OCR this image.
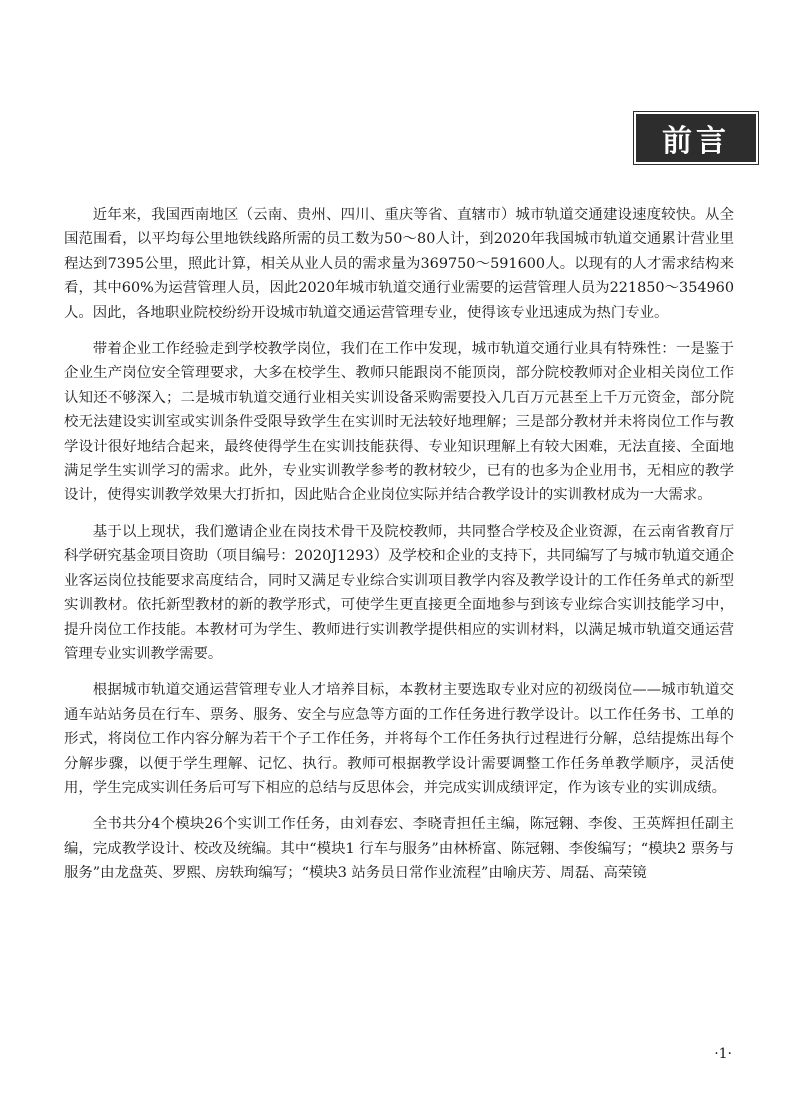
前言

近年来，我国西南地区（云南、贵州、四川、重庆等省、直辖市）城市轨道交通建设速度较快。从全国范围看，以平均每公里地铁线路所需的员工数为50～80人计，到2020年我国城市轨道交通累计营业里程达到7395公里，照此计算，相关从业人员的需求量为369750～591600人。以现有的人才需求结构来看，其中60%为运营管理人员，因此2020年城市轨道交通行业需要的运营管理人员为221850～354960人。因此，各地职业院校纷纷开设城市轨道交通运营管理专业，使得该专业迅速成为热门专业。

带着企业工作经验走到学校教学岗位，我们在工作中发现，城市轨道交通行业具有特殊性：一是鉴于企业生产岗位安全管理要求，大多在校学生、教师只能跟岗不能顶岗，部分院校教师对企业相关岗位工作认知还不够深入；二是城市轨道交通行业相关实训设备采购需要投入几百万元甚至上千万元资金，部分院校无法建设实训室或实训条件受限导致学生在实训时无法较好地理解；三是部分教材并未将岗位工作与教学设计很好地结合起来，最终使得学生在实训技能获得、专业知识理解上有较大困难，无法直接、全面地满足学生实训学习的需求。此外，专业实训教学参考的教材较少，已有的也多为企业用书，无相应的教学设计，使得实训教学效果大打折扣，因此贴合企业岗位实际并结合教学设计的实训教材成为一大需求。

基于以上现状，我们邀请企业在岗技术骨干及院校教师，共同整合学校及企业资源，在云南省教育厅科学研究基金项目资助（项目编号：2020J1293）及学校和企业的支持下，共同编写了与城市轨道交通企业客运岗位技能要求高度结合，同时又满足专业综合实训项目教学内容及教学设计的工作任务单式的新型实训教材。依托新型教材的新的教学形式，可使学生更直接更全面地参与到该专业综合实训技能学习中，提升岗位工作技能。本教材可为学生、教师进行实训教学提供相应的实训材料，以满足城市轨道交通运营管理专业实训教学需要。

根据城市轨道交通运营管理专业人才培养目标，本教材主要选取专业对应的初级岗位——城市轨道交通车站站务员在行车、票务、服务、安全与应急等方面的工作任务进行教学设计。以工作任务书、工单的形式，将岗位工作内容分解为若干个子工作任务，并将每个工作任务执行过程进行分解，总结提炼出每个分解步骤，以便于学生理解、记忆、执行。教师可根据教学设计需要调整工作任务单教学顺序，灵活使用，学生完成实训任务后可写下相应的总结与反思体会，并完成实训成绩评定，作为该专业的实训成绩。

全书共分4个模块26个实训工作任务，由刘春宏、李晓青担任主编，陈冠翱、李俊、王英辉担任副主编，完成教学设计、校改及统编。其中“模块1 行车与服务”由林桥富、陈冠翱、李俊编写；“模块2 票务与服务”由龙盘英、罗熙、房轶珣编写；“模块3 站务员日常作业流程”由喻庆芳、周磊、高荣镜

·1·
